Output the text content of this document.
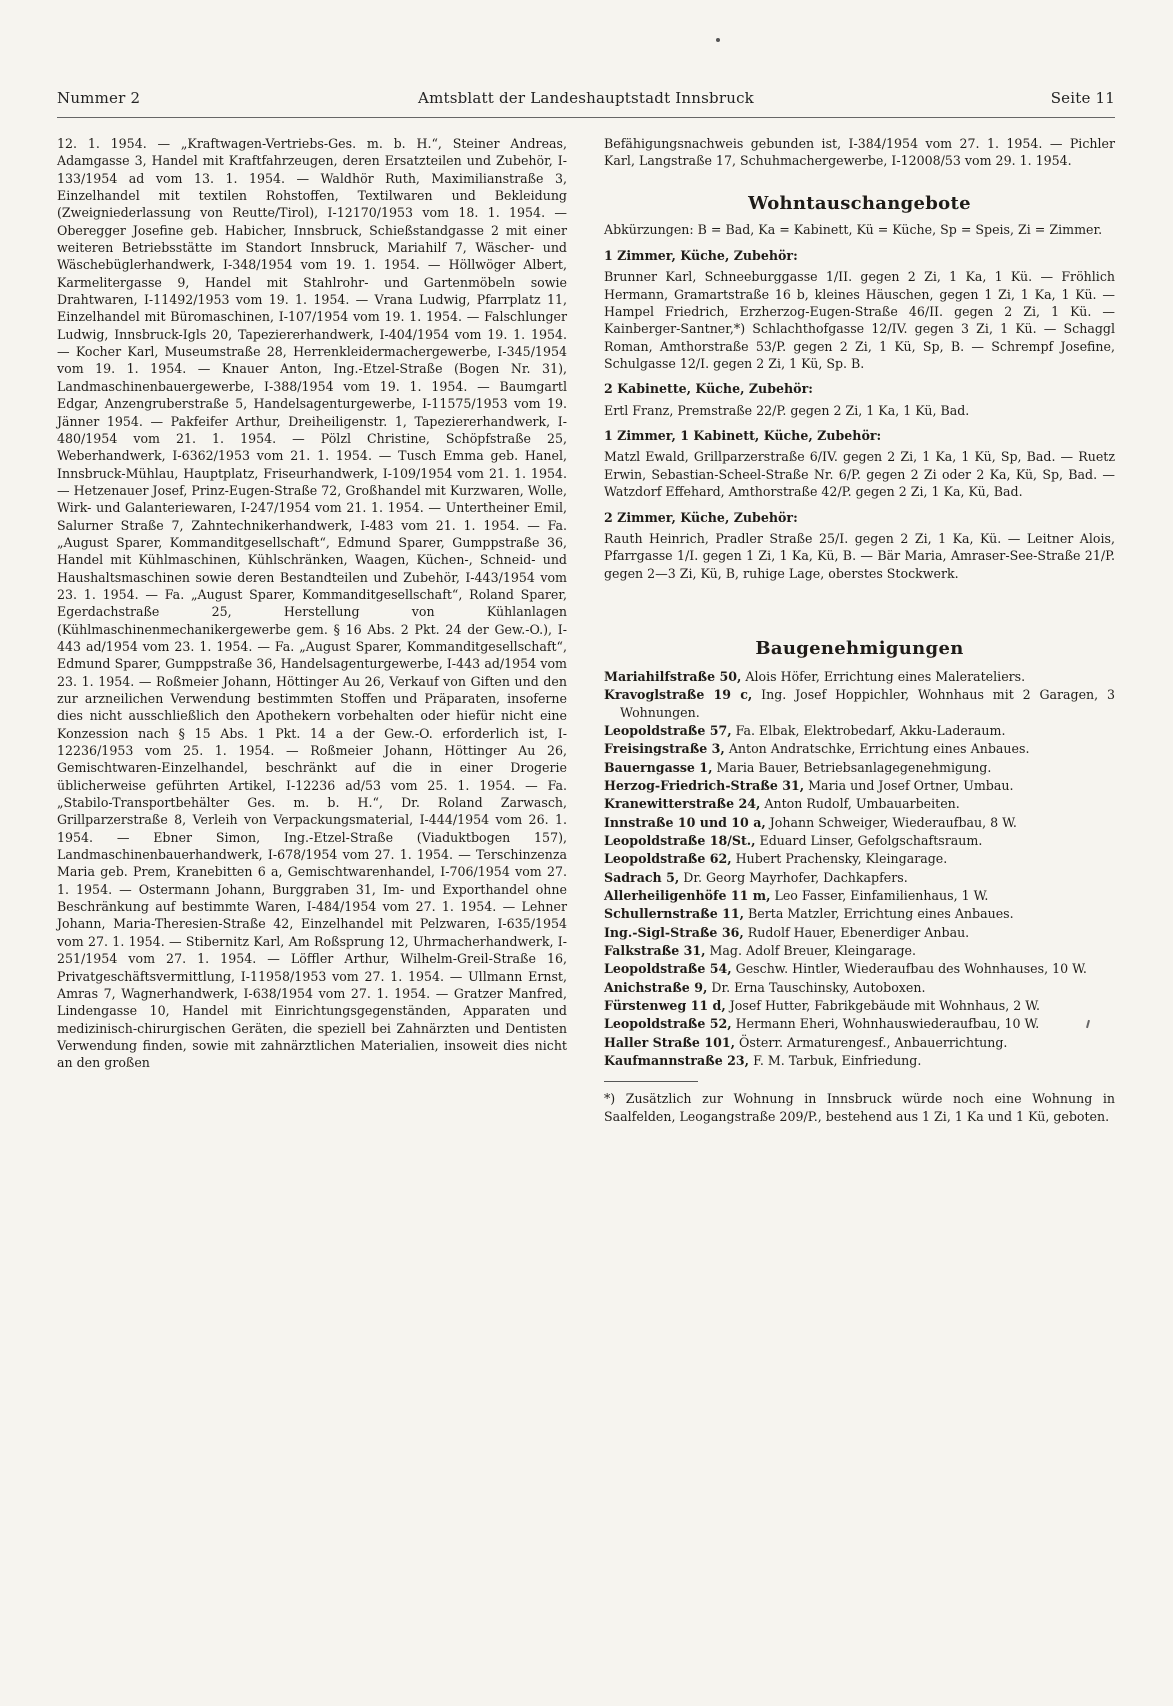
Nummer 2	Amtsblatt der Landeshauptstadt Innsbruck	Seite 11

12. 1. 1954. — „Kraftwagen-Vertriebs-Ges. m. b. H.“, Steiner Andreas, Adamgasse 3, Handel mit Kraftfahrzeugen, deren Ersatzteilen und Zubehör, I-133/1954 ad vom 13. 1. 1954. — Waldhör Ruth, Maximilianstraße 3, Einzelhandel mit textilen Rohstoffen, Textilwaren und Bekleidung (Zweigniederlassung von Reutte/Tirol), I-12170/1953 vom 18. 1. 1954. — Oberegger Josefine geb. Habicher, Innsbruck, Schießstandgasse 2 mit einer weiteren Betriebsstätte im Standort Innsbruck, Mariahilf 7, Wäscher- und Wäschebüglerhandwerk, I-348/1954 vom 19. 1. 1954. — Höllwöger Albert, Karmelitergasse 9, Handel mit Stahlrohr- und Gartenmöbeln sowie Drahtwaren, I-11492/1953 vom 19. 1. 1954. — Vrana Ludwig, Pfarrplatz 11, Einzelhandel mit Büromaschinen, I-107/1954 vom 19. 1. 1954. — Falschlunger Ludwig, Innsbruck-Igls 20, Tapeziererhandwerk, I-404/1954 vom 19. 1. 1954. — Kocher Karl, Museumstraße 28, Herrenkleidermachergewerbe, I-345/1954 vom 19. 1. 1954. — Knauer Anton, Ing.-Etzel-Straße (Bogen Nr. 31), Landmaschinenbauergewerbe, I-388/1954 vom 19. 1. 1954. — Baumgartl Edgar, Anzengruberstraße 5, Handelsagenturgewerbe, I-11575/1953 vom 19. Jänner 1954. — Pakfeifer Arthur, Dreiheiligenstr. 1, Tapeziererhandwerk, I-480/1954 vom 21. 1. 1954. — Pölzl Christine, Schöpfstraße 25, Weberhandwerk, I-6362/1953 vom 21. 1. 1954. — Tusch Emma geb. Hanel, Innsbruck-Mühlau, Hauptplatz, Friseurhandwerk, I-109/1954 vom 21. 1. 1954. — Hetzenauer Josef, Prinz-Eugen-Straße 72, Großhandel mit Kurzwaren, Wolle, Wirk- und Galanteriewaren, I-247/1954 vom 21. 1. 1954. — Untertheiner Emil, Salurner Straße 7, Zahntechnikerhandwerk, I-483 vom 21. 1. 1954. — Fa. „August Sparer, Kommanditgesellschaft“, Edmund Sparer, Gumppstraße 36, Handel mit Kühlmaschinen, Kühlschränken, Waagen, Küchen-, Schneid- und Haushaltsmaschinen sowie deren Bestandteilen und Zubehör, I-443/1954 vom 23. 1. 1954. — Fa. „August Sparer, Kommanditgesellschaft“, Roland Sparer, Egerdachstraße 25, Herstellung von Kühlanlagen (Kühlmaschinenmechanikergewerbe gem. § 16 Abs. 2 Pkt. 24 der Gew.-O.), I-443 ad/1954 vom 23. 1. 1954. — Fa. „August Sparer, Kommanditgesellschaft“, Edmund Sparer, Gumppstraße 36, Handelsagenturgewerbe, I-443 ad/1954 vom 23. 1. 1954. — Roßmeier Johann, Höttinger Au 26, Verkauf von Giften und den zur arzneilichen Verwendung bestimmten Stoffen und Präparaten, insoferne dies nicht ausschließlich den Apothekern vorbehalten oder hiefür nicht eine Konzession nach § 15 Abs. 1 Pkt. 14 a der Gew.-O. erforderlich ist, I-12236/1953 vom 25. 1. 1954. — Roßmeier Johann, Höttinger Au 26, Gemischtwaren-Einzelhandel, beschränkt auf die in einer Drogerie üblicherweise geführten Artikel, I-12236 ad/53 vom 25. 1. 1954. — Fa. „Stabilo-Transportbehälter Ges. m. b. H.“, Dr. Roland Zarwasch, Grillparzerstraße 8, Verleih von Verpackungsmaterial, I-444/1954 vom 26. 1. 1954. — Ebner Simon, Ing.-Etzel-Straße (Viaduktbogen 157), Landmaschinenbauerhandwerk, I-678/1954 vom 27. 1. 1954. — Terschinzenza Maria geb. Prem, Kranebitten 6 a, Gemischtwarenhandel, I-706/1954 vom 27. 1. 1954. — Ostermann Johann, Burggraben 31, Im- und Exporthandel ohne Beschränkung auf bestimmte Waren, I-484/1954 vom 27. 1. 1954. — Lehner Johann, Maria-Theresien-Straße 42, Einzelhandel mit Pelzwaren, I-635/1954 vom 27. 1. 1954. — Stibernitz Karl, Am Roßsprung 12, Uhrmacherhandwerk, I-251/1954 vom 27. 1. 1954. — Löffler Arthur, Wilhelm-Greil-Straße 16, Privatgeschäftsvermittlung, I-11958/1953 vom 27. 1. 1954. — Ullmann Ernst, Amras 7, Wagnerhandwerk, I-638/1954 vom 27. 1. 1954. — Gratzer Manfred, Lindengasse 10, Handel mit Einrichtungsgegenständen, Apparaten und medizinisch-chirurgischen Geräten, die speziell bei Zahnärzten und Dentisten Verwendung finden, sowie mit zahnärztlichen Materialien, insoweit dies nicht an den großen

Befähigungsnachweis gebunden ist, I-384/1954 vom 27. 1. 1954. — Pichler Karl, Langstraße 17, Schuhmachergewerbe, I-12008/53 vom 29. 1. 1954.

Wohntauschangebote

Abkürzungen: B = Bad, Ka = Kabinett, Kü = Küche, Sp = Speis, Zi = Zimmer.

1 Zimmer, Küche, Zubehör:

Brunner Karl, Schneeburggasse 1/II. gegen 2 Zi, 1 Ka, 1 Kü. — Fröhlich Hermann, Gramartstraße 16 b, kleines Häuschen, gegen 1 Zi, 1 Ka, 1 Kü. — Hampel Friedrich, Erzherzog-Eugen-Straße 46/II. gegen 2 Zi, 1 Kü. — Kainberger-Santner,*) Schlachthofgasse 12/IV. gegen 3 Zi, 1 Kü. — Schaggl Roman, Amthorstraße 53/P. gegen 2 Zi, 1 Kü, Sp, B. — Schrempf Josefine, Schulgasse 12/I. gegen 2 Zi, 1 Kü, Sp. B.

2 Kabinette, Küche, Zubehör:

Ertl Franz, Premstraße 22/P. gegen 2 Zi, 1 Ka, 1 Kü, Bad.

1 Zimmer, 1 Kabinett, Küche, Zubehör:

Matzl Ewald, Grillparzerstraße 6/IV. gegen 2 Zi, 1 Ka, 1 Kü, Sp, Bad. — Ruetz Erwin, Sebastian-Scheel-Straße Nr. 6/P. gegen 2 Zi oder 2 Ka, Kü, Sp, Bad. — Watzdorf Effehard, Amthorstraße 42/P. gegen 2 Zi, 1 Ka, Kü, Bad.

2 Zimmer, Küche, Zubehör:

Rauth Heinrich, Pradler Straße 25/I. gegen 2 Zi, 1 Ka, Kü. — Leitner Alois, Pfarrgasse 1/I. gegen 1 Zi, 1 Ka, Kü, B. — Bär Maria, Amraser-See-Straße 21/P. gegen 2—3 Zi, Kü, B, ruhige Lage, oberstes Stockwerk.

Baugenehmigungen

Mariahilfstraße 50, Alois Höfer, Errichtung eines Malerateliers.

Kravoglstraße 19 c, Ing. Josef Hoppichler, Wohnhaus mit 2 Garagen, 3 Wohnungen.

Leopoldstraße 57, Fa. Elbak, Elektrobedarf, Akku-Laderaum.

Freisingstraße 3, Anton Andratschke, Errichtung eines Anbaues.

Bauerngasse 1, Maria Bauer, Betriebsanlagegenehmigung.

Herzog-Friedrich-Straße 31, Maria und Josef Ortner, Umbau.

Kranewitterstraße 24, Anton Rudolf, Umbauarbeiten.

Innstraße 10 und 10 a, Johann Schweiger, Wiederaufbau, 8 W.

Leopoldstraße 18/St., Eduard Linser, Gefolgschaftsraum.

Leopoldstraße 62, Hubert Prachensky, Kleingarage.

Sadrach 5, Dr. Georg Mayrhofer, Dachkapfers.

Allerheiligenhöfe 11 m, Leo Fasser, Einfamilienhaus, 1 W.

Schullernstraße 11, Berta Matzler, Errichtung eines Anbaues.

Ing.-Sigl-Straße 36, Rudolf Hauer, Ebenerdiger Anbau.

Falkstraße 31, Mag. Adolf Breuer, Kleingarage.

Leopoldstraße 54, Geschw. Hintler, Wiederaufbau des Wohnhauses, 10 W.

Anichstraße 9, Dr. Erna Tauschinsky, Autoboxen.

Fürstenweg 11 d, Josef Hutter, Fabrikgebäude mit Wohnhaus, 2 W.

Leopoldstraße 52, Hermann Eheri, Wohnhauswiederaufbau, 10 W.

Haller Straße 101, Österr. Armaturengesf., Anbauerrichtung.

Kaufmannstraße 23, F. M. Tarbuk, Einfriedung.

*) Zusätzlich zur Wohnung in Innsbruck würde noch eine Wohnung in Saalfelden, Leogangstraße 209/P., bestehend aus 1 Zi, 1 Ka und 1 Kü, geboten.
